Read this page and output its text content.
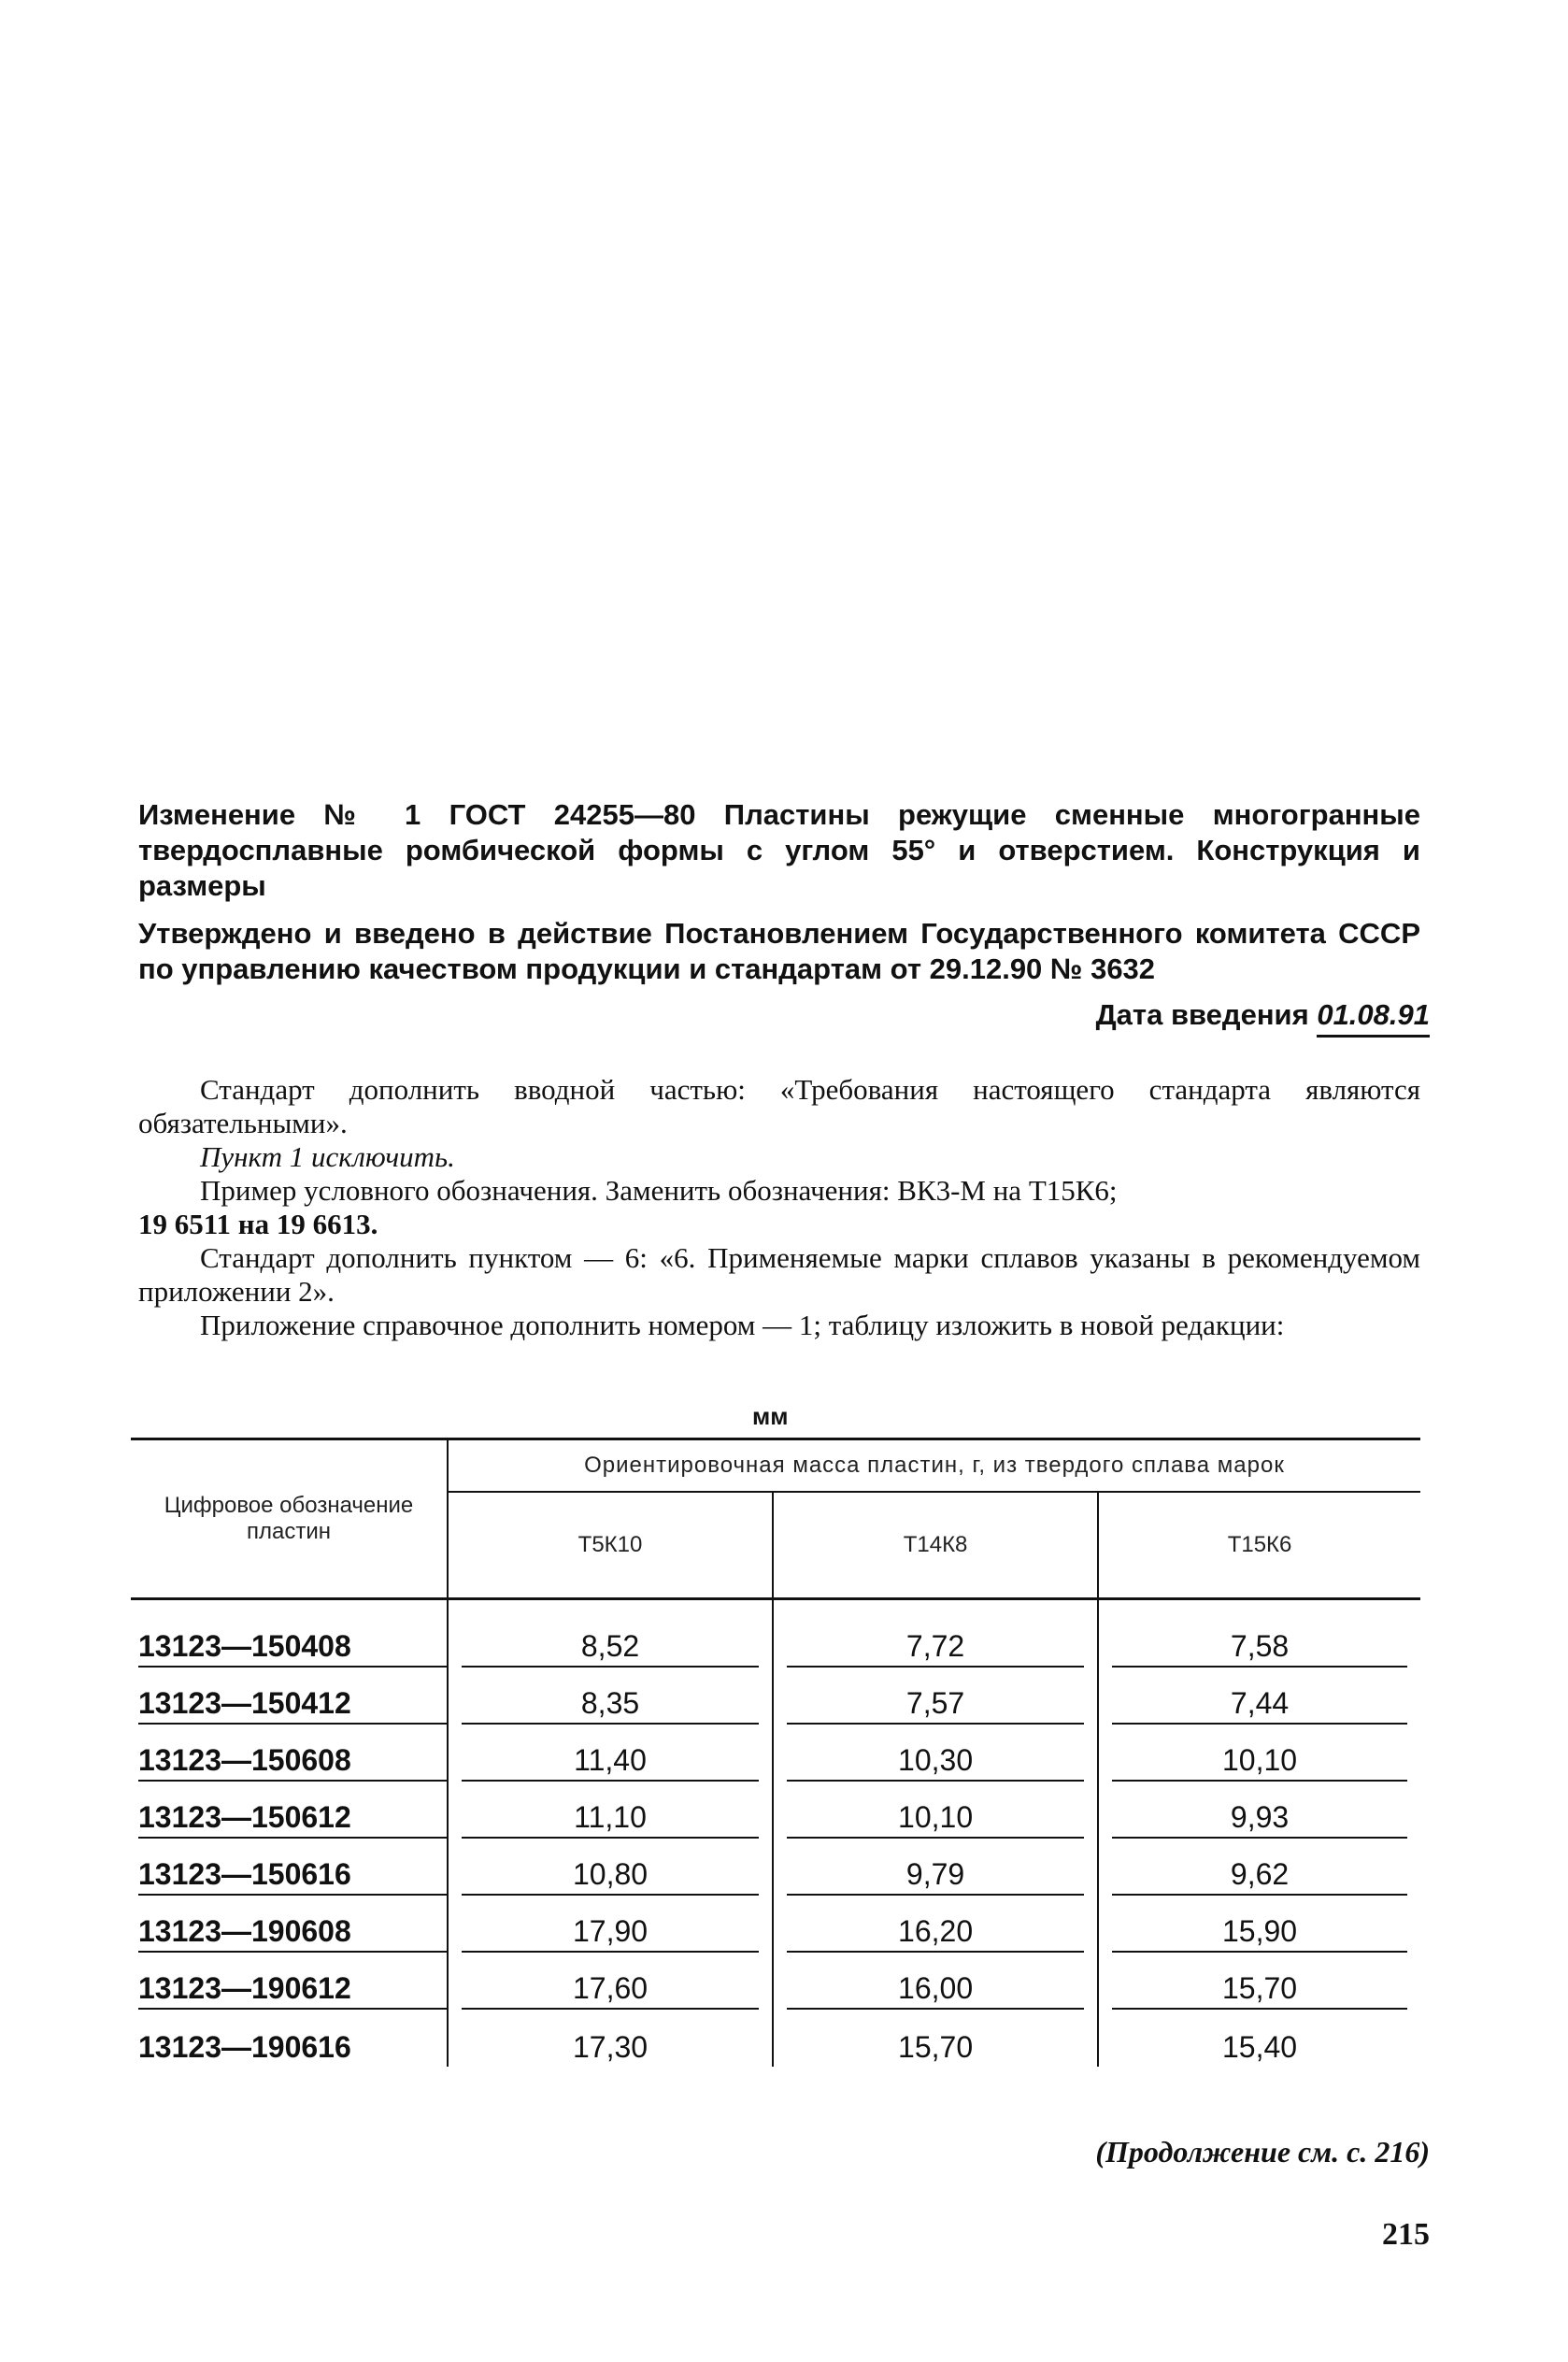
Изменение № 1 ГОСТ 24255—80 Пластины режущие сменные многогранные твердосплавные ромбической формы с углом 55° и отверстием. Конструкция и размеры

Утверждено и введено в действие Постановлением Государственного комитета СССР по управлению качеством продукции и стандартам от 29.12.90 № 3632

Дата введения 01.08.91

Стандарт дополнить вводной частью: «Требования настоящего стандарта являются обязательными».

Пункт 1 исключить.

Пример условного обозначения. Заменить обозначения: ВК3-М на Т15К6;

19 6511 на 19 6613.

Стандарт дополнить пунктом — 6: «6. Применяемые марки сплавов указаны в рекомендуемом приложении 2».

Приложение справочное дополнить номером — 1; таблицу изложить в новой редакции:

мм
Цифровое обозначение пластин	Ориентировочная масса пластин, г, из твердого сплава марок		
	Т5К10	Т14К8	Т15К6

13123—150408	8,52	7,72	7,58

13123—150412	8,35	7,57	7,44

13123—150608	11,40	10,30	10,10

13123—150612	11,10	10,10	9,93

13123—150616	10,80	9,79	9,62

13123—190608	17,90	16,20	15,90

13123—190612	17,60	16,00	15,70

13123—190616	17,30	15,70	15,40
(Продолжение см. с. 216)
215
